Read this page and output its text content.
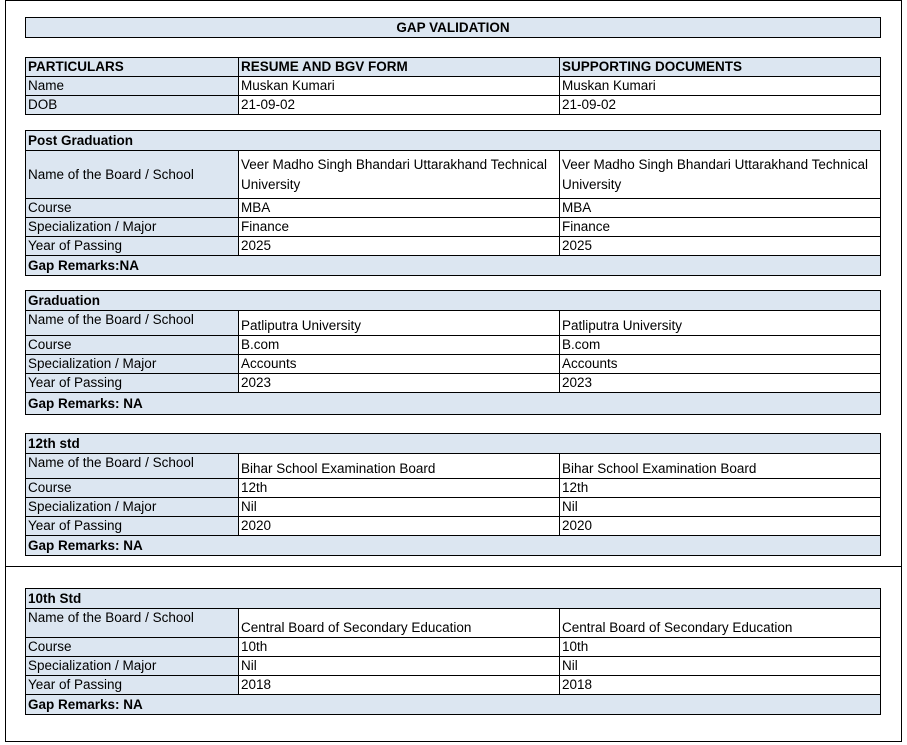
GAP VALIDATION
PARTICULARS	RESUME AND BGV FORM	SUPPORTING DOCUMENTS
Name	Muskan Kumari	Muskan Kumari
DOB	21-09-02	21-09-02
Post Graduation		
Name of the Board / School	Veer Madho Singh Bhandari Uttarakhand Technical University	Veer Madho Singh Bhandari Uttarakhand Technical University
Course	MBA	MBA
Specialization / Major	Finance	Finance
Year of Passing	2025	2025
Gap Remarks:NA		
Graduation		
Name of the Board / School	Patliputra University	Patliputra University
Course	B.com	B.com
Specialization / Major	Accounts	Accounts
Year of Passing	2023	2023
Gap Remarks: NA		
12th std		
Name of the Board / School	Bihar School Examination Board	Bihar School Examination Board
Course	12th	12th
Specialization / Major	Nil	Nil
Year of Passing	2020	2020
Gap Remarks: NA		
10th Std		
Name of the Board / School	Central Board of Secondary Education	Central Board of Secondary Education
Course	10th	10th
Specialization / Major	Nil	Nil
Year of Passing	2018	2018
Gap Remarks: NA		
